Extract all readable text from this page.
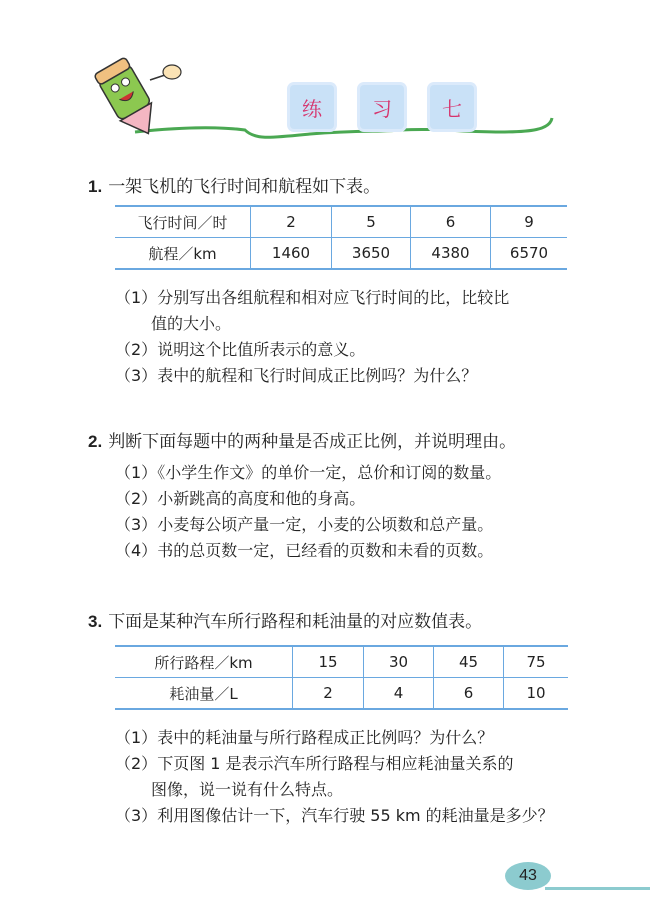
练	习	七
1. 一架飞机的飞行时间和航程如下表。
飞行时间／时	2	5	6	9
航程／km	1460	3650	4380	6570
（1）分别写出各组航程和相对应飞行时间的比，比较比
值的大小。
（2）说明这个比值所表示的意义。
（3）表中的航程和飞行时间成正比例吗？为什么？
2. 判断下面每题中的两种量是否成正比例，并说明理由。
（1）《小学生作文》的单价一定，总价和订阅的数量。
（2）小新跳高的高度和他的身高。
（3）小麦每公顷产量一定，小麦的公顷数和总产量。
（4）书的总页数一定，已经看的页数和未看的页数。
3. 下面是某种汽车所行路程和耗油量的对应数值表。
所行路程／km	15	30	45	75
耗油量／L	2	4	6	10
（1）表中的耗油量与所行路程成正比例吗？为什么？
（2）下页图 1 是表示汽车所行路程与相应耗油量关系的
图像，说一说有什么特点。
（3）利用图像估计一下，汽车行驶 55 km 的耗油量是多少？
43
